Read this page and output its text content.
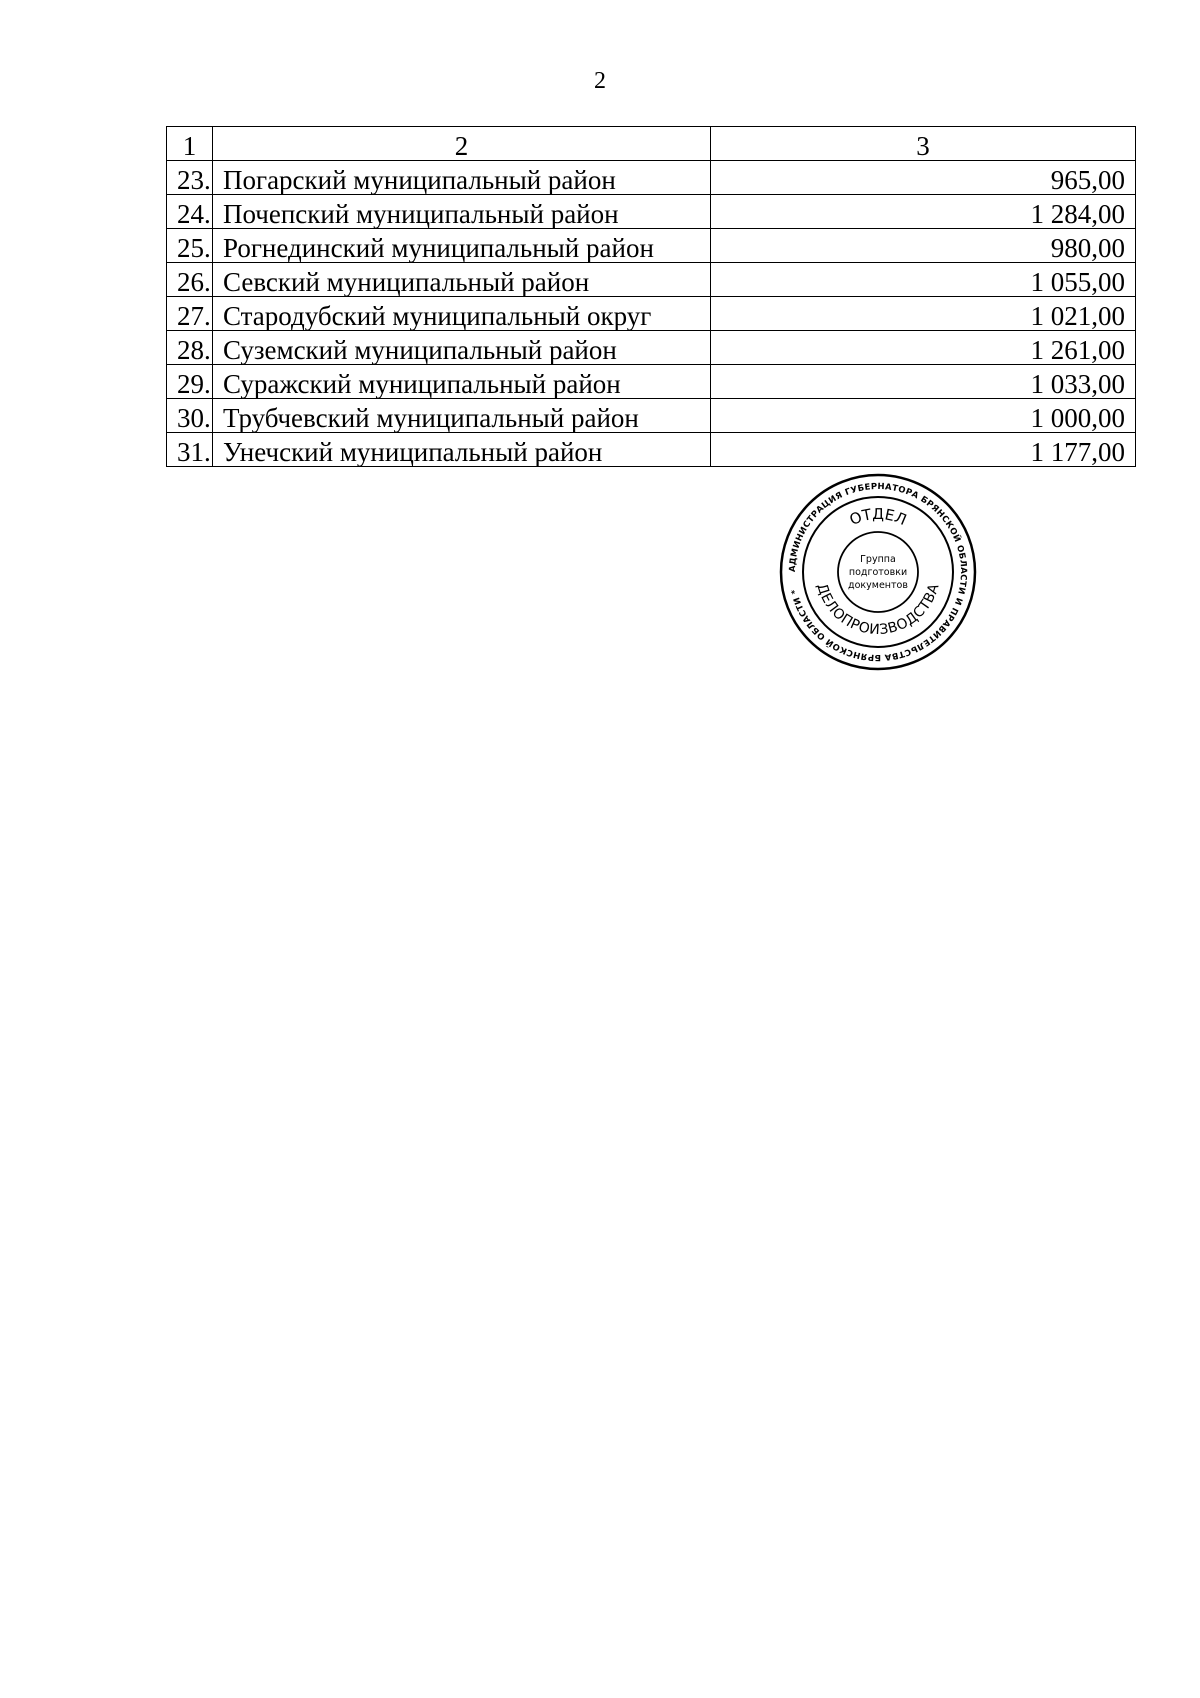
2
1	2	3
23.	Погарский муниципальный район	965,00
24.	Почепский муниципальный район	1 284,00
25.	Рогнединский муниципальный район	980,00
26.	Севский муниципальный район	1 055,00
27.	Стародубский муниципальный округ	1 021,00
28.	Суземский муниципальный район	1 261,00
29.	Суражский муниципальный район	1 033,00
30.	Трубчевский муниципальный район	1 000,00
31.	Унечский муниципальный район	1 177,00
АДМИНИСТРАЦИЯ ГУБЕРНАТОРА БРЯНСКОЙ ОБЛАСТИ И ПРАВИТЕЛЬСТВА БРЯНСКОЙ ОБЛАСТИ *
ОТДЕЛ
ДЕЛОПРОИЗВОДСТВА
Группа
подготовки
документов
